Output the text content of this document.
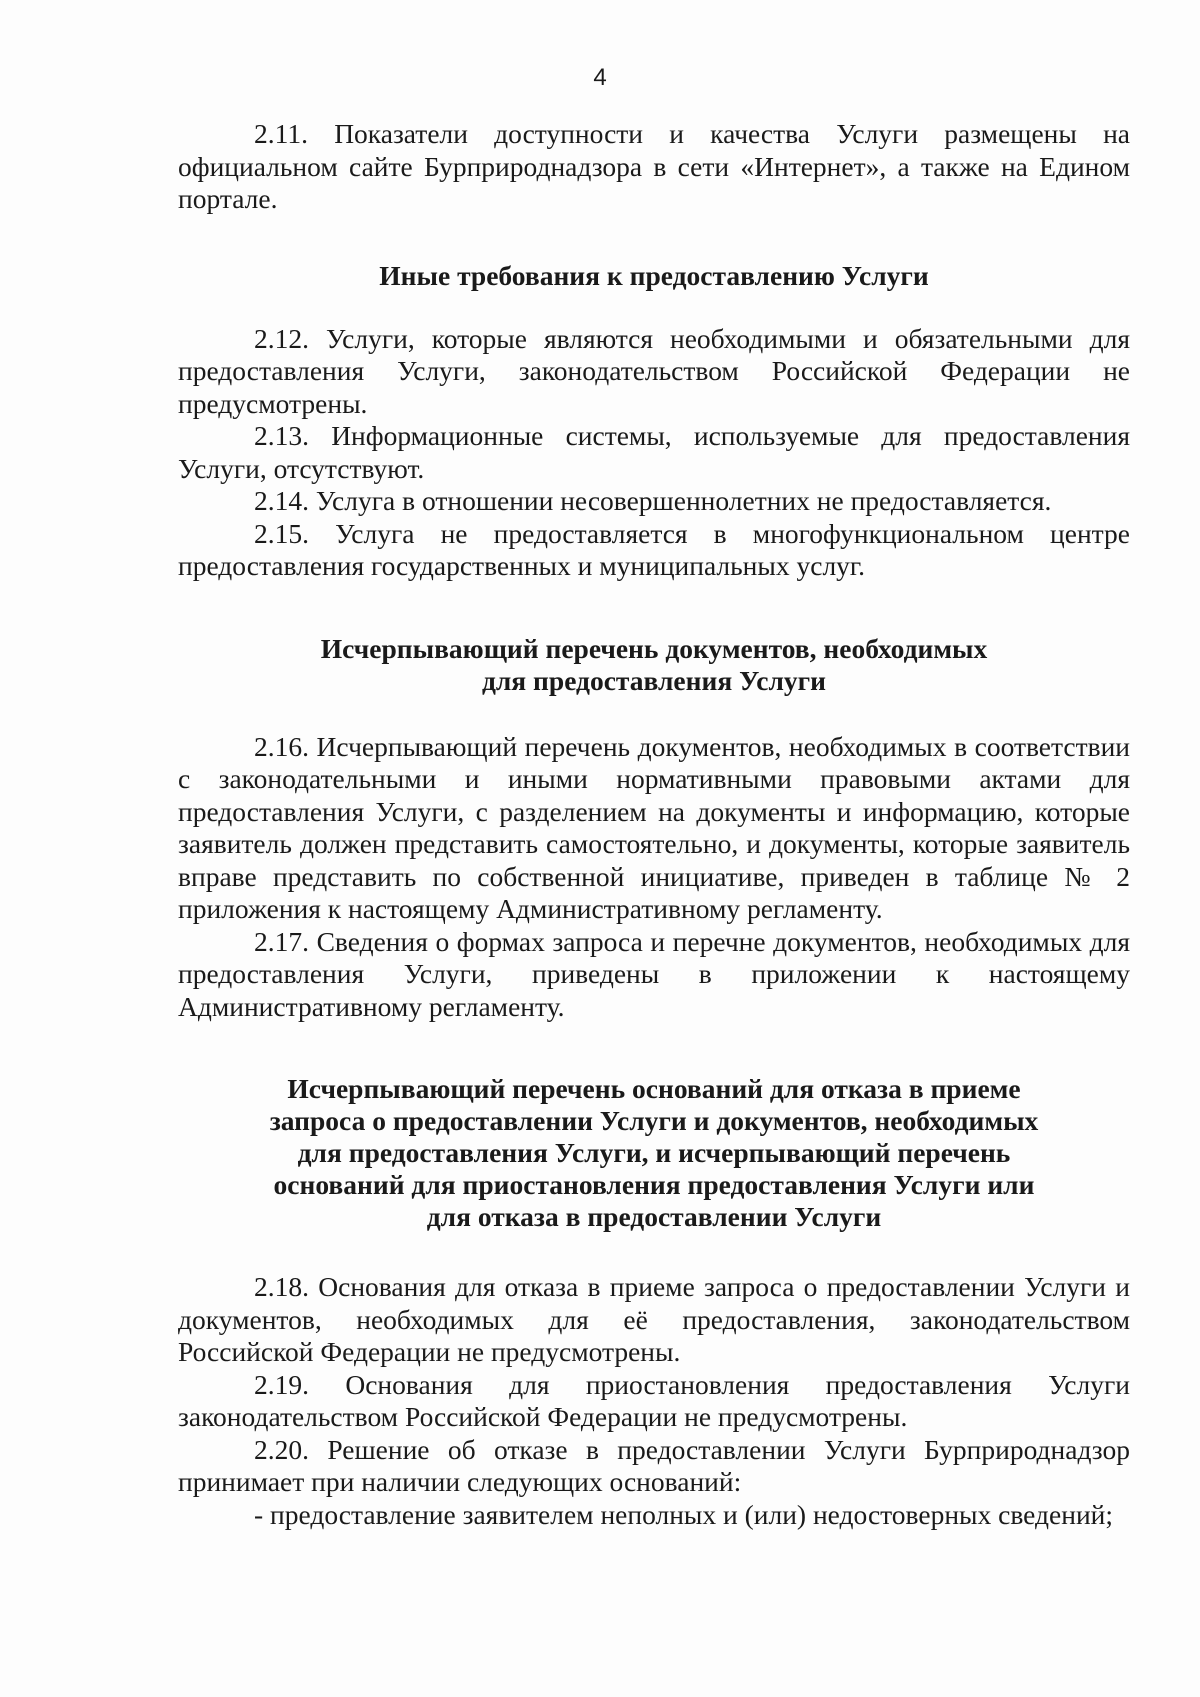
4

2.11. Показатели доступности и качества Услуги размещены на официальном сайте Бурприроднадзора в сети «Интернет», а также на Едином портале.

Иные требования к предоставлению Услуги

2.12. Услуги, которые являются необходимыми и обязательными для предоставления Услуги, законодательством Российской Федерации не предусмотрены.

2.13. Информационные системы, используемые для предоставления Услуги, отсутствуют.

2.14. Услуга в отношении несовершеннолетних не предоставляется.

2.15. Услуга не предоставляется в многофункциональном центре предоставления государственных и муниципальных услуг.

Исчерпывающий перечень документов, необходимых
для предоставления Услуги

2.16. Исчерпывающий перечень документов, необходимых в соответствии с законодательными и иными нормативными правовыми актами для предоставления Услуги, с разделением на документы и информацию, которые заявитель должен представить самостоятельно, и документы, которые заявитель вправе представить по собственной инициативе, приведен в таблице № 2 приложения к настоящему Административному регламенту.

2.17. Сведения о формах запроса и перечне документов, необходимых для предоставления Услуги, приведены в приложении к настоящему Административному регламенту.

Исчерпывающий перечень оснований для отказа в приеме
запроса о предоставлении Услуги и документов, необходимых
для предоставления Услуги, и исчерпывающий перечень
оснований для приостановления предоставления Услуги или
для отказа в предоставлении Услуги

2.18. Основания для отказа в приеме запроса о предоставлении Услуги и документов, необходимых для её предоставления, законодательством Российской Федерации не предусмотрены.

2.19. Основания для приостановления предоставления Услуги законодательством Российской Федерации не предусмотрены.

2.20. Решение об отказе в предоставлении Услуги Бурприроднадзор принимает при наличии следующих оснований:

- предоставление заявителем неполных и (или) недостоверных сведений;
